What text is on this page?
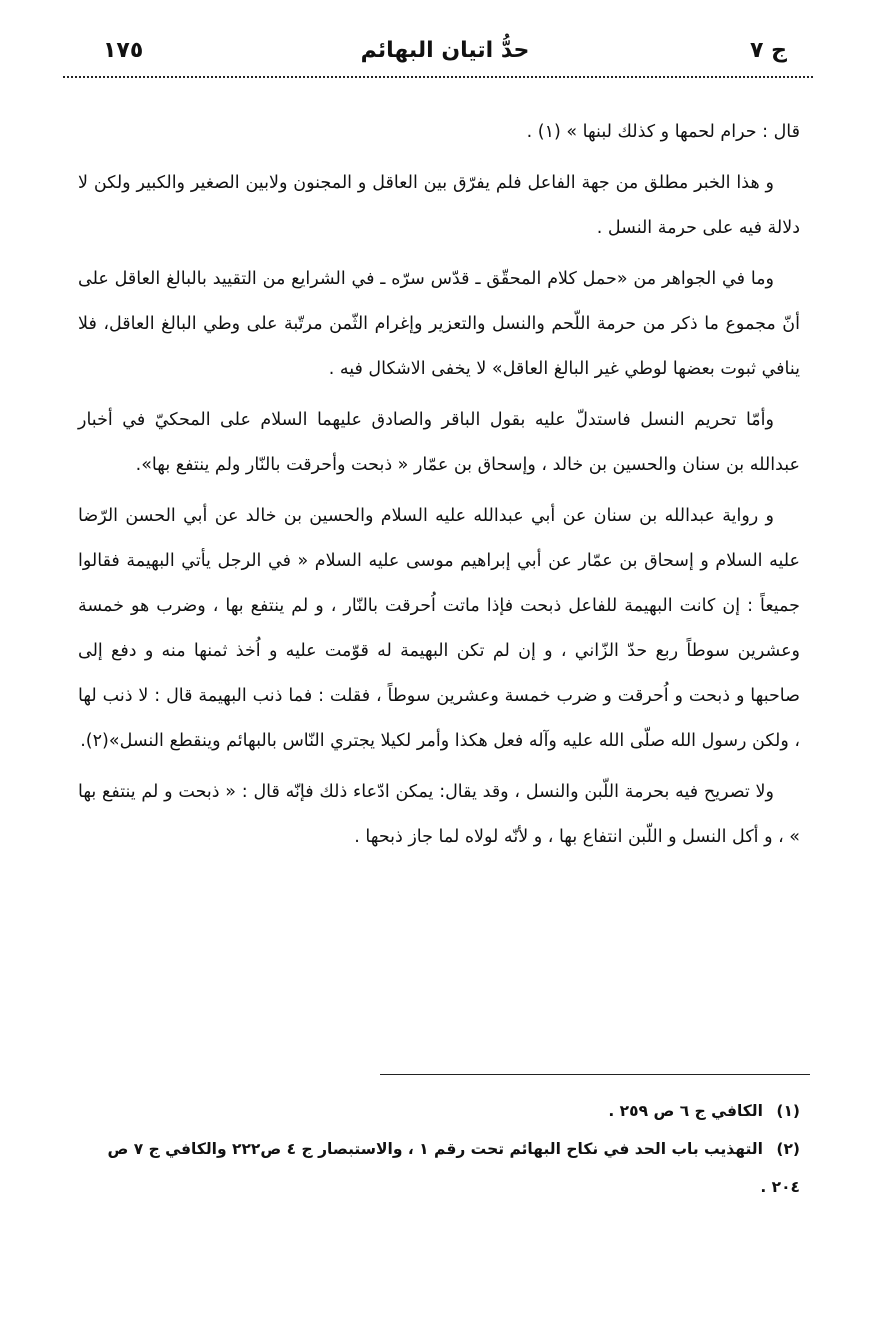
١٧٥	حدُّ اتيان البهائم	ج ٧

قال : حرام لحمها و كذلك لبنها » (١) .

و هذا الخبر مطلق من جهة الفاعل فلم يفرّق بين العاقل و المجنون ولابين الصغير والكبير ولكن لا دلالة فيه على حرمة النسل .

وما في الجواهر من «حمل كلام المحقّق ـ قدّس سرّه ـ في الشرايع من التقييد بالبالغ العاقل على أنّ مجموع ما ذكر من حرمة اللّحم والنسل والتعزير وإغرام الثّمن مرتّبة على وطي البالغ العاقل، فلا ينافي ثبوت بعضها لوطي غير البالغ العاقل» لا يخفى الاشكال فيه .

وأمّا تحريم النسل فاستدلّ عليه بقول الباقر والصادق عليهما السلام على المحكيّ في أخبار عبدالله بن سنان والحسين بن خالد ، وإسحاق بن عمّار « ذبحت وأحرقت بالنّار ولم ينتفع بها».

و رواية عبدالله بن سنان عن أبي عبدالله عليه السلام والحسين بن خالد عن أبي الحسن الرّضا عليه السلام و إسحاق بن عمّار عن أبي إبراهيم موسى عليه السلام « في الرجل يأتي البهيمة فقالوا جميعاً : إن كانت البهيمة للفاعل ذبحت فإذا ماتت اُحرقت بالنّار ، و لم ينتفع بها ، وضرب هو خمسة وعشرين سوطاً ربع حدّ الزّاني ، و إن لم تكن البهيمة له قوّمت عليه و اُخذ ثمنها منه و دفع إلى صاحبها و ذبحت و اُحرقت و ضرب خمسة وعشرين سوطاً ، فقلت : فما ذنب البهيمة قال : لا ذنب لها ، ولكن رسول الله صلّى الله عليه وآله فعل هكذا وأمر لكيلا يجتري النّاس بالبهائم وينقطع النسل»(٢).

ولا تصريح فيه بحرمة اللّبن والنسل ، وقد يقال: يمكن ادّعاء ذلك فإنّه قال : « ذبحت و لم ينتفع بها » ، و أكل النسل و اللّبن انتفاع بها ، و لأنّه لولاه لما جاز ذبحها .

(١) الكافي ج ٦ ص ٢٥٩ .

(٢) التهذيب باب الحد في نكاح البهائم تحت رقم ١ ، والاستبصار ج ٤ ص٢٢٢ والكافي ج ٧ ص ٢٠٤ .
